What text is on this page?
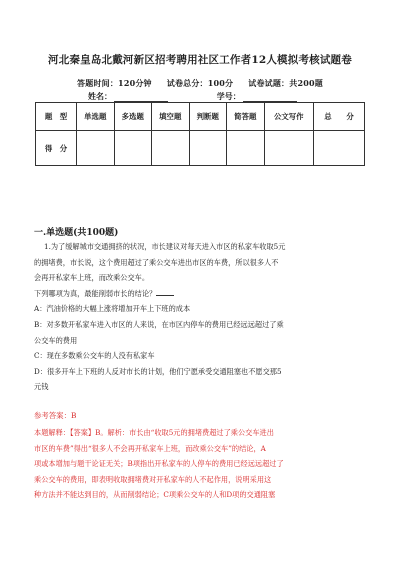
河北秦皇岛北戴河新区招考聘用社区工作者12人模拟考核试题卷
答题时间：120分钟 试卷总分：100分 试卷试题：共200题
姓名：	学号：
题　型	单选题	多选题	填空题	判断题	简答题	公文写作	总　　分
得　分							
一.单选题(共100题)

1.为了缓解城市交通拥挤的状况，市长建议对每天进入市区的私家车收取5元

的拥堵费，市长说，这个费用超过了乘公交车进出市区的车费，所以很多人不

会再开私家车上班，而改乘公交车。

下列哪项为真，最能削弱市长的结论？

A：汽油价格的大幅上涨将增加开车上下班的成本

B：对多数开私家车进入市区的人来说，在市区内停车的费用已经远远超过了乘

公交车的费用

C：现在多数乘公交车的人没有私家车

D：很多开车上下班的人反对市长的计划，他们宁愿承受交通阻塞也不愿交那5

元钱

参考答案：B

本题解释：【答案】B。解析：市长由“收取5元的拥堵费超过了乘公交车进出

市区的车费”得出“很多人不会再开私家车上班，而改乘公交车”的结论，A

项或本增加与题干论证无关；B项指出开私家车的人停车的费用已经远远超过了

乘公交车的费用，即表明收取拥堵费对开私家车的人不起作用，说明采用这

种方法并不能达到目的，从而削弱结论；C项乘公交车的人和D项的交通阻塞
